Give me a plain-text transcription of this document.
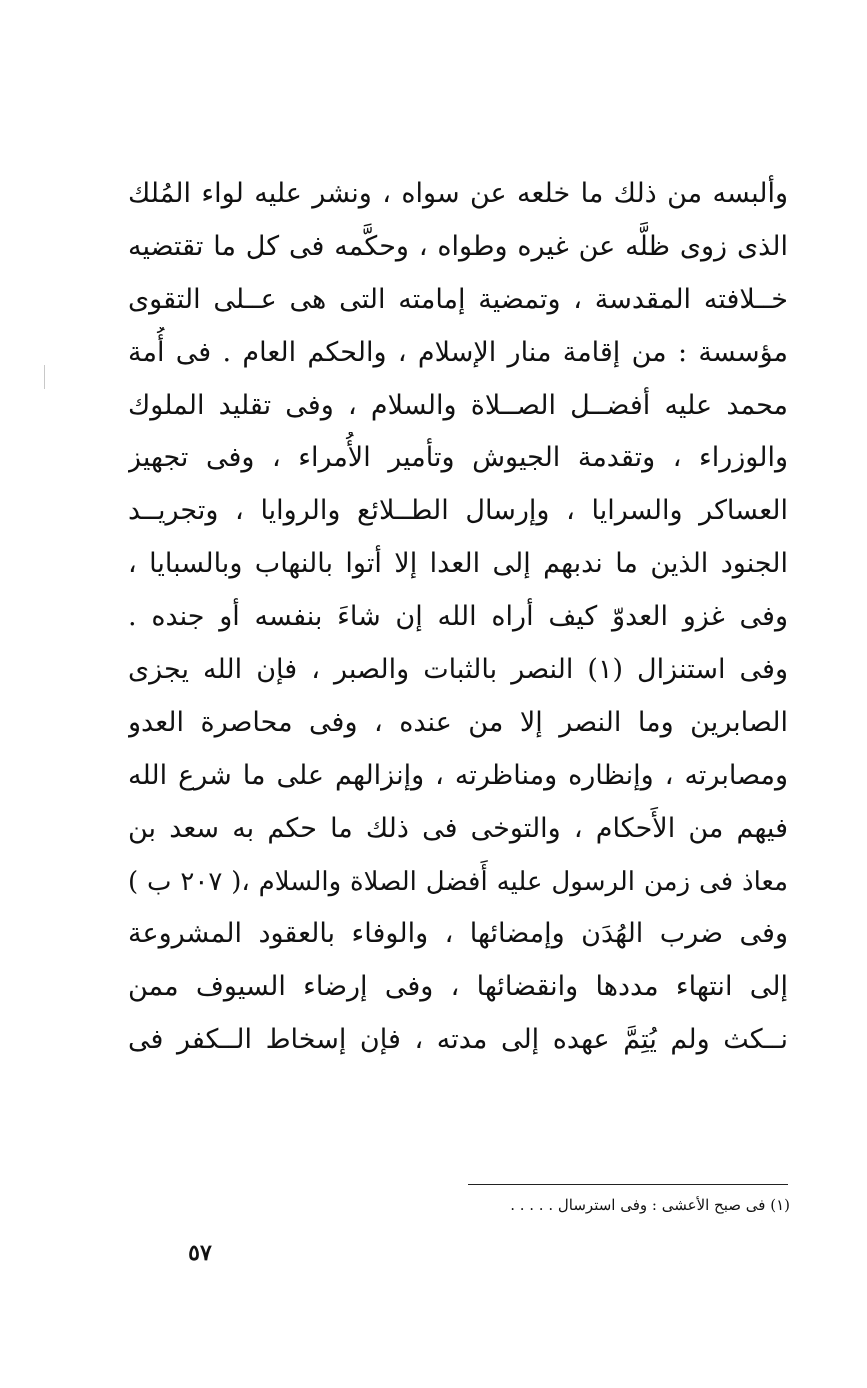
وألبسه من ذلك ما خلعه عن سواه ، ونشر عليه لواء المُلك
الذى زوى ظلَّه عن غيره وطواه ، وحكَّمه فى كل ما تقتضيه
خــلافته المقدسة ، وتمضية إمامته التى هى عــلى التقوى
مؤسسة : من إقامة منار الإسلام ، والحكم العام . فى أُمة
محمد عليه أفضــل الصــلاة والسلام ، وفى تقليد الملوك
والوزراء ، وتقدمة الجيوش وتأمير الأُمراء ، وفى تجهيز
العساكر والسرايا ، وإرسال الطــلائع والروايا ، وتجريــد
الجنود الذين ما ندبهم إلى العدا إلا أتوا بالنهاب وبالسبايا ،
وفى غزو العدوّ كيف أراه الله إن شاءَ بنفسه أو جنده .
وفى استنزال (١) النصر بالثبات والصبر ، فإن الله يجزى
الصابرين وما النصر إلا من عنده ، وفى محاصرة العدو
ومصابرته ، وإنظاره ومناظرته ، وإنزالهم على ما شرع الله
فيهم من الأَحكام ، والتوخى فى ذلك ما حكم به سعد بن
معاذ فى زمن الرسول عليه أَفضل الصلاة والسلام ،( ٢٠٧ ب )
وفى ضرب الهُدَن وإمضائها ، والوفاء بالعقود المشروعة
إلى انتهاء مددها وانقضائها ، وفى إرضاء السيوف ممن
نــكث ولم يُتِمَّ عهده إلى مدته ، فإن إسخاط الــكفر فى
(١) فى صبح الأعشى : وفى استرسال . . . . .
٥٧
